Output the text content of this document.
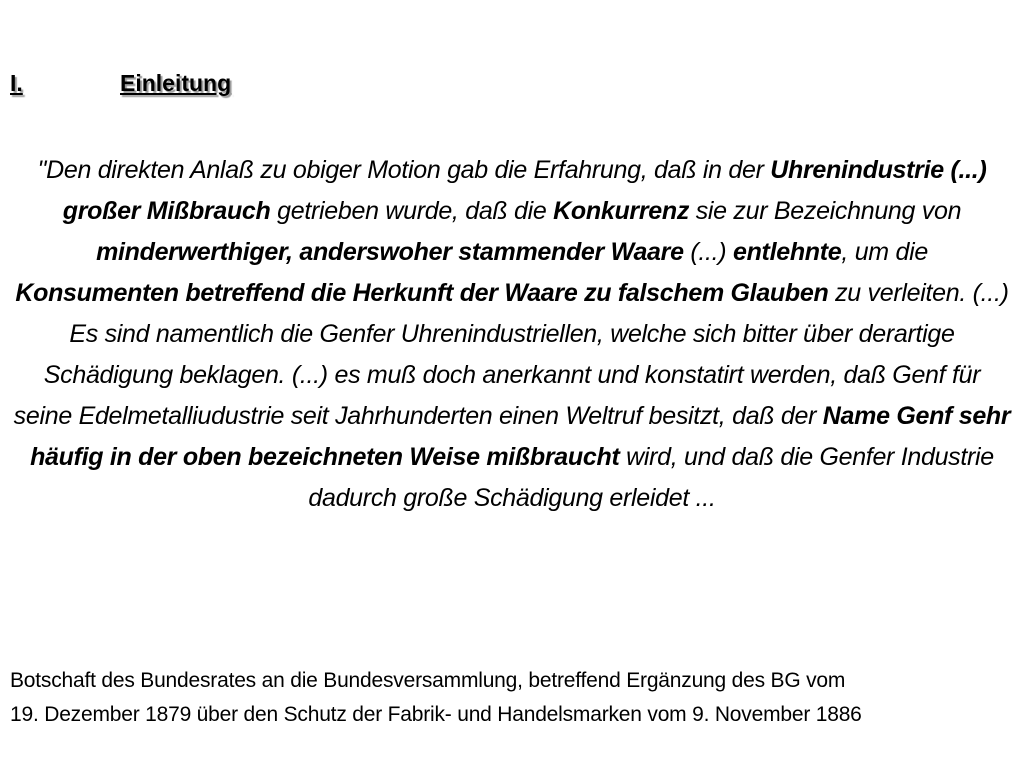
I.	Einleitung
"Den direkten Anlaß zu obiger Motion gab die Erfahrung, daß in der Uhrenindustrie (...) großer Mißbrauch getrieben wurde, daß die Konkurrenz sie zur Bezeichnung von minderwerthiger, anderswoher stammender Waare (...) entlehnte, um die Konsumenten betreffend die Herkunft der Waare zu falschem Glauben zu verleiten. (...) Es sind namentlich die Genfer Uhrenindustriellen, welche sich bitter über derartige Schädigung beklagen. (...) es muß doch anerkannt und konstatirt werden, daß Genf für seine Edelmetalliudustrie seit Jahrhunderten einen Weltruf besitzt, daß der Name Genf sehr häufig in der oben bezeichneten Weise mißbraucht wird, und daß die Genfer Industrie dadurch große Schädigung erleidet ...
Botschaft des Bundesrates an die Bundesversammlung, betreffend Ergänzung des BG vom
19. Dezember 1879 über den Schutz der Fabrik- und Handelsmarken vom 9. November 1886
